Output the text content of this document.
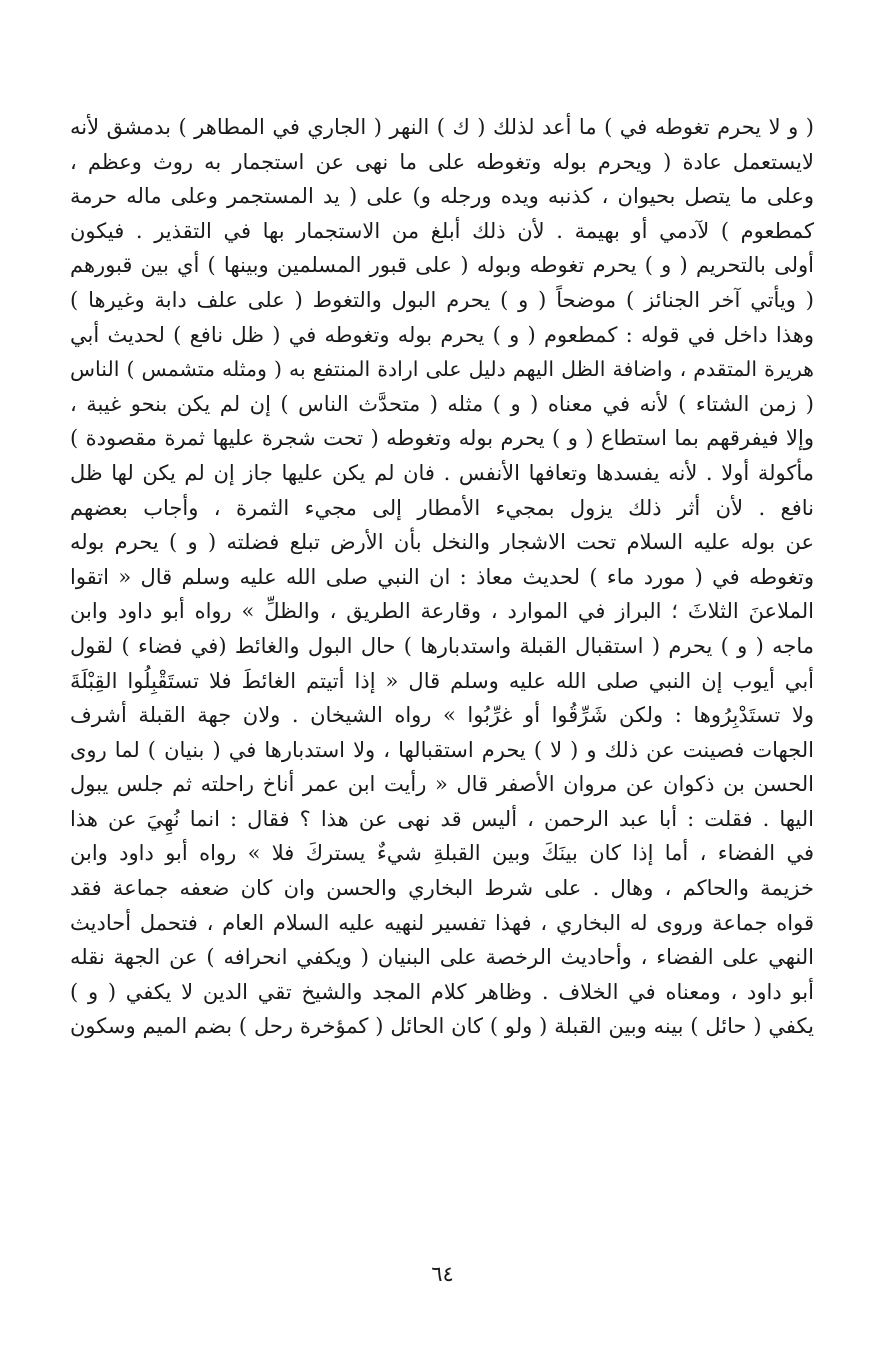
( و لا يحرم تغوطه في ) ما أعد لذلك ( ك ) النهر ( الجاري في المطاهر ) بدمشق لأنه
لايستعمل عادة ( ويحرم بوله وتغوطه على ما نهى عن استجمار به روث وعظم ،
وعلى ما يتصل بحيوان ، كذنبه ويده ورجله و) على ( يد المستجمر وعلى ماله حرمة
كمطعوم ) لآدمي أو بهيمة . لأن ذلك أبلغ من الاستجمار بها في التقذير . فيكون
أولى بالتحريم ( و ) يحرم تغوطه وبوله ( على قبور المسلمين وبينها ) أي بين قبورهم
( ويأتي آخر الجنائز ) موضحاً ( و ) يحرم البول والتغوط ( على علف دابة وغيرها )
وهذا داخل في قوله : كمطعوم ( و ) يحرم بوله وتغوطه في ( ظل نافع ) لحديث أبي
هريرة المتقدم ، واضافة الظل اليهم دليل على ارادة المنتفع به ( ومثله متشمس ) الناس
( زمن الشتاء ) لأنه في معناه ( و ) مثله ( متحدَّث الناس ) إن لم يكن بنحو غيبة ،
وإلا فيفرقهم بما استطاع ( و ) يحرم بوله وتغوطه ( تحت شجرة عليها ثمرة مقصودة )
مأكولة أولا . لأنه يفسدها وتعافها الأنفس . فان لم يكن عليها جاز إن لم يكن لها ظل
نافع . لأن أثر ذلك يزول بمجيء الأمطار إلى مجيء الثمرة ، وأجاب بعضهم
عن بوله عليه السلام تحت الاشجار والنخل بأن الأرض تبلع فضلته ( و ) يحرم بوله
وتغوطه في ( مورد ماء ) لحديث معاذ : ان النبي صلى الله عليه وسلم قال « اتقوا
الملاعنَ الثلاثَ ؛ البراز في الموارد ، وقارعة الطريق ، والظلِّ » رواه أبو داود وابن
ماجه ( و ) يحرم ( استقبال القبلة واستدبارها ) حال البول والغائط (في فضاء ) لقول
أبي أيوب إن النبي صلى الله عليه وسلم قال « إذا أتيتم الغائطَ فلا تستَقْبِلُوا القِبْلَةَ
ولا تستَدْبِرُوها : ولكن شَرِّقُوا أو غرِّبُوا » رواه الشيخان . ولان جهة القبلة أشرف
الجهات فصينت عن ذلك و ( لا ) يحرم استقبالها ، ولا استدبارها في ( بنيان ) لما روى
الحسن بن ذكوان عن مروان الأصفر قال « رأيت ابن عمر أناخ راحلته ثم جلس يبول
اليها . فقلت : أبا عبد الرحمن ، أليس قد نهى عن هذا ؟ فقال : انما نُهِيَ عن هذا
في الفضاء ، أما إذا كان بينَكَ وبين القبلةِ شيءٌ يستركَ فلا » رواه أبو داود وابن
خزيمة والحاكم ، وهال . على شرط البخاري والحسن وان كان ضعفه جماعة فقد
قواه جماعة وروى له البخاري ، فهذا تفسير لنهيه عليه السلام العام ، فتحمل أحاديث
النهي على الفضاء ، وأحاديث الرخصة على البنيان ( ويكفي انحرافه ) عن الجهة نقله
أبو داود ، ومعناه في الخلاف . وظاهر كلام المجد والشيخ تقي الدين لا يكفي ( و )
يكفي ( حائل ) بينه وبين القبلة ( ولو ) كان الحائل ( كمؤخرة رحل ) بضم الميم وسكون
٦٤
